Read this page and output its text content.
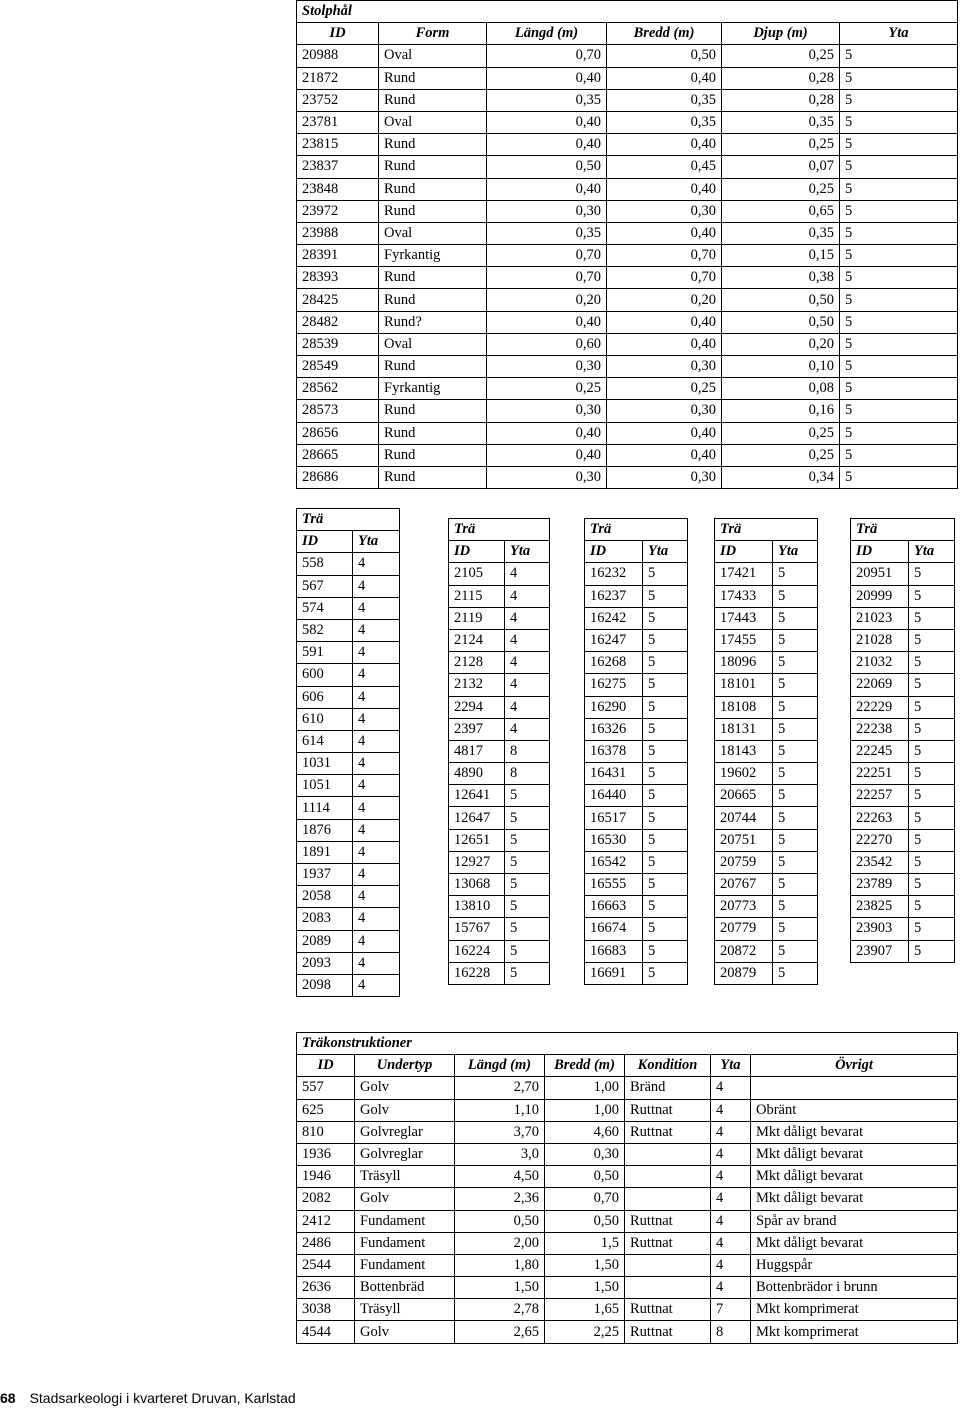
Stolphål					
ID	Form	Längd (m)	Bredd (m)	Djup (m)	Yta
20988	Oval	0,70	0,50	0,25	5
21872	Rund	0,40	0,40	0,28	5
23752	Rund	0,35	0,35	0,28	5
23781	Oval	0,40	0,35	0,35	5
23815	Rund	0,40	0,40	0,25	5
23837	Rund	0,50	0,45	0,07	5
23848	Rund	0,40	0,40	0,25	5
23972	Rund	0,30	0,30	0,65	5
23988	Oval	0,35	0,40	0,35	5
28391	Fyrkantig	0,70	0,70	0,15	5
28393	Rund	0,70	0,70	0,38	5
28425	Rund	0,20	0,20	0,50	5
28482	Rund?	0,40	0,40	0,50	5
28539	Oval	0,60	0,40	0,20	5
28549	Rund	0,30	0,30	0,10	5
28562	Fyrkantig	0,25	0,25	0,08	5
28573	Rund	0,30	0,30	0,16	5
28656	Rund	0,40	0,40	0,25	5
28665	Rund	0,40	0,40	0,25	5
28686	Rund	0,30	0,30	0,34	5
Trä	
ID	Yta
558	4
567	4
574	4
582	4
591	4
600	4
606	4
610	4
614	4
1031	4
1051	4
1114	4
1876	4
1891	4
1937	4
2058	4
2083	4
2089	4
2093	4
2098	4
Trä	
ID	Yta
2105	4
2115	4
2119	4
2124	4
2128	4
2132	4
2294	4
2397	4
4817	8
4890	8
12641	5
12647	5
12651	5
12927	5
13068	5
13810	5
15767	5
16224	5
16228	5
Trä	
ID	Yta
16232	5
16237	5
16242	5
16247	5
16268	5
16275	5
16290	5
16326	5
16378	5
16431	5
16440	5
16517	5
16530	5
16542	5
16555	5
16663	5
16674	5
16683	5
16691	5
Trä	
ID	Yta
17421	5
17433	5
17443	5
17455	5
18096	5
18101	5
18108	5
18131	5
18143	5
19602	5
20665	5
20744	5
20751	5
20759	5
20767	5
20773	5
20779	5
20872	5
20879	5
Trä	
ID	Yta
20951	5
20999	5
21023	5
21028	5
21032	5
22069	5
22229	5
22238	5
22245	5
22251	5
22257	5
22263	5
22270	5
23542	5
23789	5
23825	5
23903	5
23907	5
Träkonstruktioner						
ID	Undertyp	Längd (m)	Bredd (m)	Kondition	Yta	Övrigt
557	Golv	2,70	1,00	Bränd	4	
625	Golv	1,10	1,00	Ruttnat	4	Obränt
810	Golvreglar	3,70	4,60	Ruttnat	4	Mkt dåligt bevarat
1936	Golvreglar	3,0	0,30		4	Mkt dåligt bevarat
1946	Träsyll	4,50	0,50		4	Mkt dåligt bevarat
2082	Golv	2,36	0,70		4	Mkt dåligt bevarat
2412	Fundament	0,50	0,50	Ruttnat	4	Spår av brand
2486	Fundament	2,00	1,5	Ruttnat	4	Mkt dåligt bevarat
2544	Fundament	1,80	1,50		4	Huggspår
2636	Bottenbräd	1,50	1,50		4	Bottenbrädor i brunn
3038	Träsyll	2,78	1,65	Ruttnat	7	Mkt komprimerat
4544	Golv	2,65	2,25	Ruttnat	8	Mkt komprimerat
68 Stadsarkeologi i kvarteret Druvan, Karlstad
